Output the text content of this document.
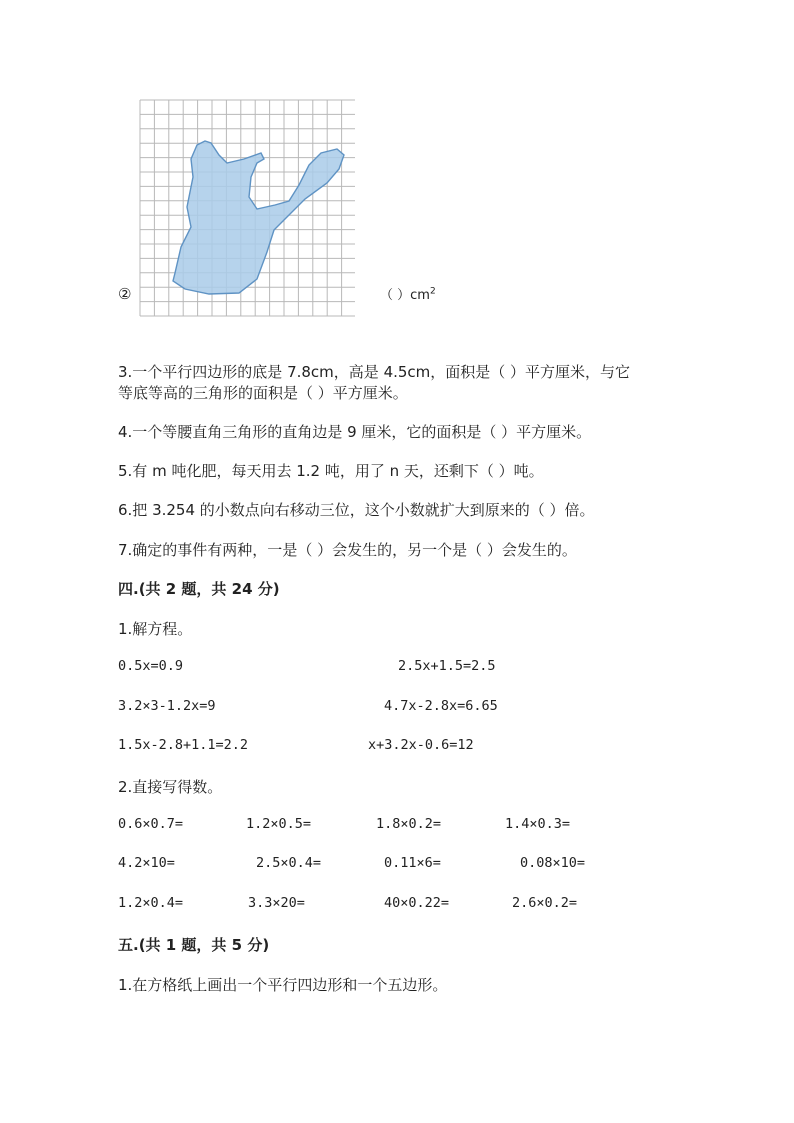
②	（ ）$cm^2$
3.一个平行四边形的底是 7.8cm，高是 4.5cm，面积是（ ）平方厘米，与它
等底等高的三角形的面积是（ ）平方厘米。
4.一个等腰直角三角形的直角边是 9 厘米，它的面积是（ ）平方厘米。
5.有 m 吨化肥，每天用去 1.2 吨，用了 n 天，还剩下（ ）吨。
6.把 3.254 的小数点向右移动三位，这个小数就扩大到原来的（ ）倍。
7.确定的事件有两种，一是（ ）会发生的，另一个是（ ）会发生的。
四.(共 2 题，共 24 分)
1.解方程。
0.5x=0.9	2.5x+1.5=2.5
3.2×3-1.2x=9	4.7x-2.8x=6.65
1.5x-2.8+1.1=2.2	x+3.2x-0.6=12
2.直接写得数。
0.6×0.7=	1.2×0.5=	1.8×0.2=	1.4×0.3=
4.2×10=	2.5×0.4=	0.11×6=	0.08×10=
1.2×0.4=	3.3×20=	40×0.22=	2.6×0.2=
五.(共 1 题，共 5 分)
1.在方格纸上画出一个平行四边形和一个五边形。
